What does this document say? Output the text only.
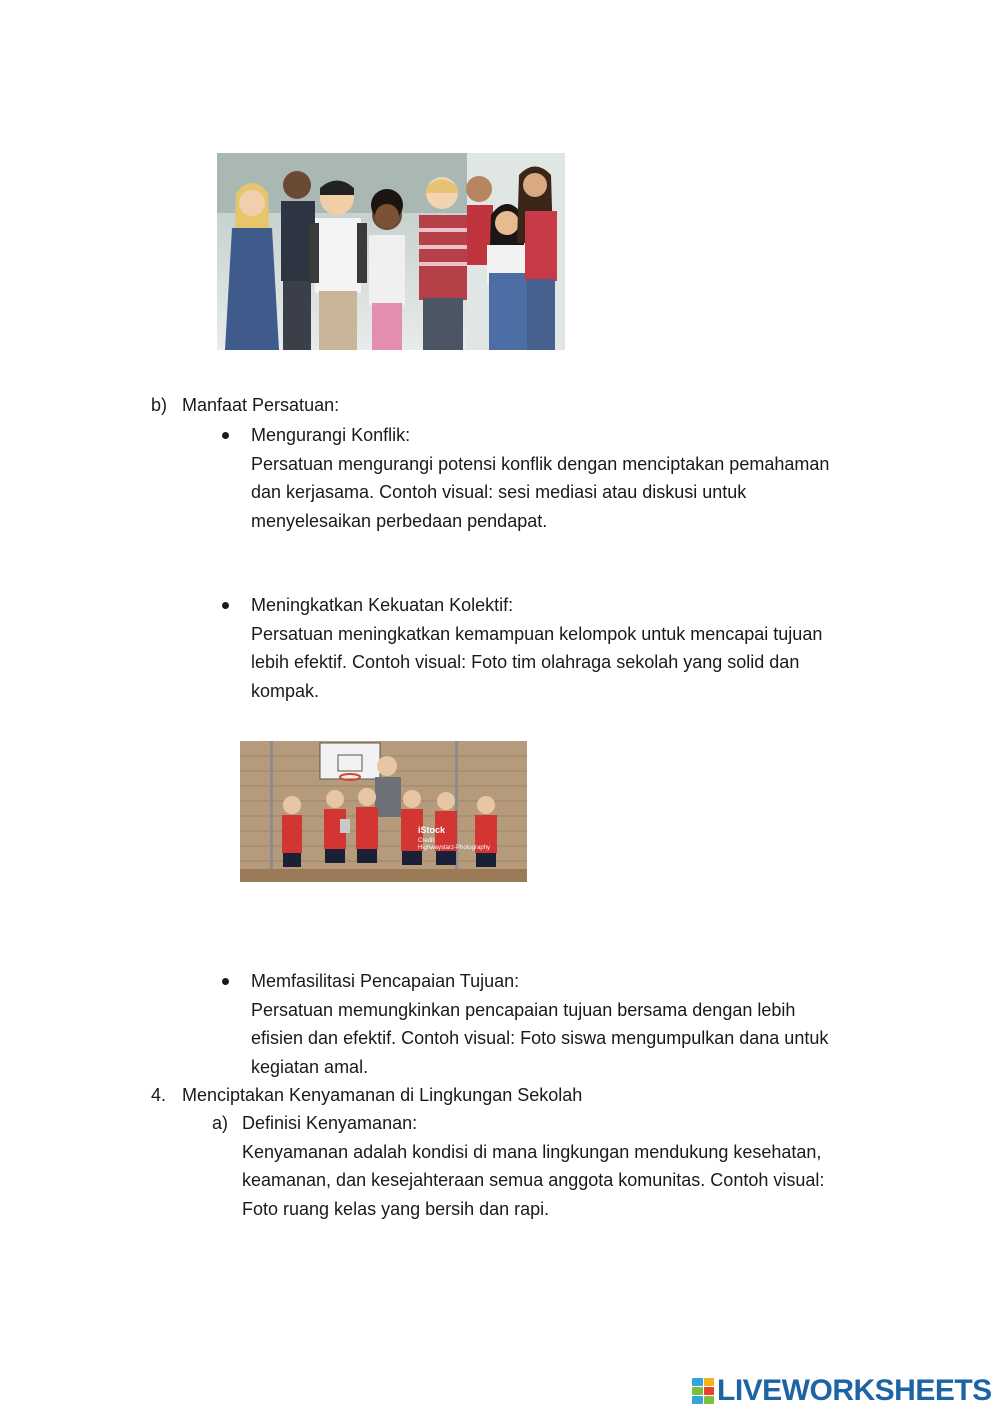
b) Manfaat Persatuan:
Mengurangi Konflik:
Persatuan mengurangi potensi konflik dengan menciptakan pemahaman
dan kerjasama. Contoh visual: sesi mediasi atau diskusi untuk
menyelesaikan perbedaan pendapat.
Meningkatkan Kekuatan Kolektif:
Persatuan meningkatkan kemampuan kelompok untuk mencapai tujuan
lebih efektif. Contoh visual: Foto tim olahraga sekolah yang solid dan
kompak.
iStock
Credit:
Highwaystarz-Photography
Memfasilitasi Pencapaian Tujuan:
Persatuan memungkinkan pencapaian tujuan bersama dengan lebih
efisien dan efektif. Contoh visual: Foto siswa mengumpulkan dana untuk
kegiatan amal.
4. Menciptakan Kenyamanan di Lingkungan Sekolah
a) Definisi Kenyamanan:
Kenyamanan adalah kondisi di mana lingkungan mendukung kesehatan,
keamanan, dan kesejahteraan semua anggota komunitas. Contoh visual:
Foto ruang kelas yang bersih dan rapi.
LIVEWORKSHEETS
